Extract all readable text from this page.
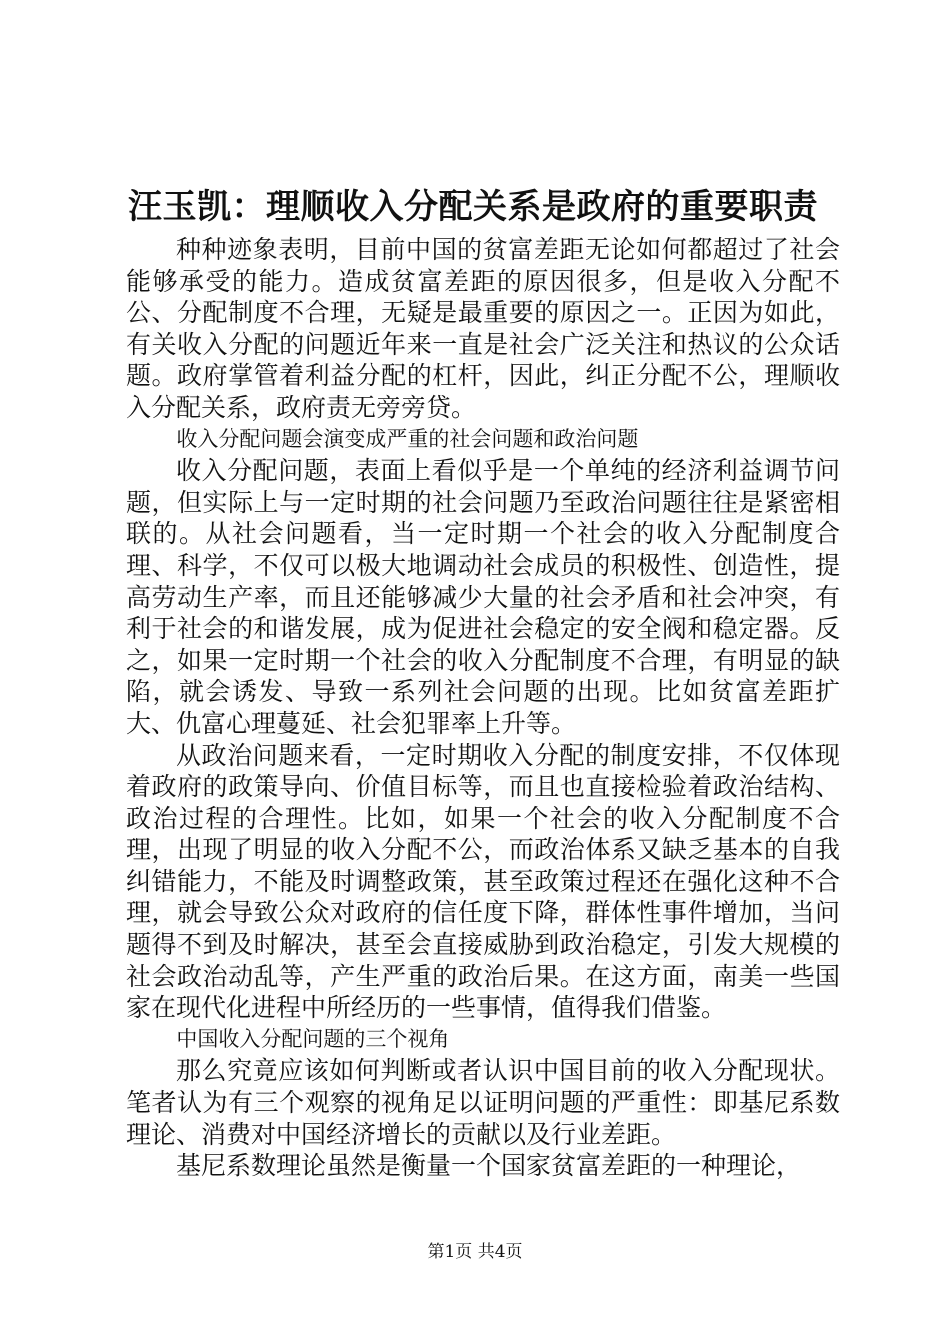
汪玉凯：理顺收入分配关系是政府的重要职责

种种迹象表明，目前中国的贫富差距无论如何都超过了社会能够承受的能力。造成贫富差距的原因很多，但是收入分配不公、分配制度不合理，无疑是最重要的原因之一。正因为如此，有关收入分配的问题近年来一直是社会广泛关注和热议的公众话题。政府掌管着利益分配的杠杆，因此，纠正分配不公，理顺收入分配关系，政府责无旁旁贷。

收入分配问题会演变成严重的社会问题和政治问题

收入分配问题，表面上看似乎是一个单纯的经济利益调节问题，但实际上与一定时期的社会问题乃至政治问题往往是紧密相联的。从社会问题看，当一定时期一个社会的收入分配制度合理、科学，不仅可以极大地调动社会成员的积极性、创造性，提高劳动生产率，而且还能够减少大量的社会矛盾和社会冲突，有利于社会的和谐发展，成为促进社会稳定的安全阀和稳定器。反之，如果一定时期一个社会的收入分配制度不合理，有明显的缺陷，就会诱发、导致一系列社会问题的出现。比如贫富差距扩大、仇富心理蔓延、社会犯罪率上升等。

从政治问题来看，一定时期收入分配的制度安排，不仅体现着政府的政策导向、价值目标等，而且也直接检验着政治结构、政治过程的合理性。比如，如果一个社会的收入分配制度不合理，出现了明显的收入分配不公，而政治体系又缺乏基本的自我纠错能力，不能及时调整政策，甚至政策过程还在强化这种不合理，就会导致公众对政府的信任度下降，群体性事件增加，当问题得不到及时解决，甚至会直接威胁到政治稳定，引发大规模的社会政治动乱等，产生严重的政治后果。在这方面，南美一些国家在现代化进程中所经历的一些事情，值得我们借鉴。

中国收入分配问题的三个视角

那么究竟应该如何判断或者认识中国目前的收入分配现状。笔者认为有三个观察的视角足以证明问题的严重性：即基尼系数理论、消费对中国经济增长的贡献以及行业差距。

基尼系数理论虽然是衡量一个国家贫富差距的一种理论，

第1页 共4页
